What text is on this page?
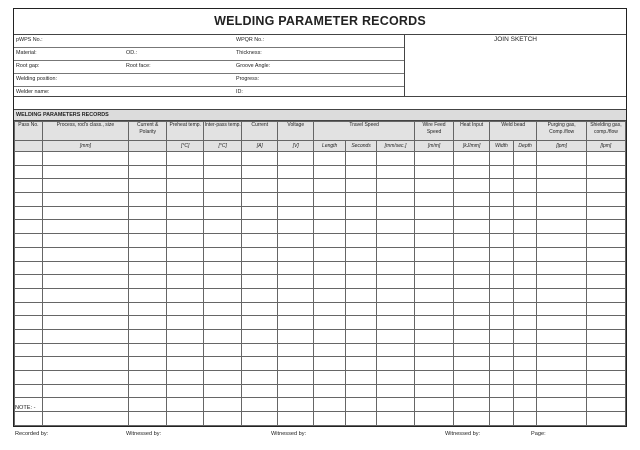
WELDING PARAMETER RECORDS
pWPS No.:	WPQR No.:
Material:	OD.:	Thickness:
Root gap:	Root face:	Groove Angle:
Welding position:	Progress:
Welder name:	ID:
JOIN SKETCH
WELDING PARAMETERS RECORDS
Pass No.	Process, rod's class., size	Current & Polarity	Preheat temp.	Inter-pass temp.	Current	Voltage	Travel Speed			Wire Feed Speed	Heat Input	Weld bead		Purging gas, Comp./flow	Shielding gas, comp./flow
	[mm]		[°C]	[°C]	[A]	[V]	Length	Seconds	[mm/sec.]	[m/m]	[kJ/mm]	Width	Depth	[lpm]	[lpm]

NOTE: -
Recorded by:	Witnessed by:	Witnessed by:	Witnessed by:	Page:
